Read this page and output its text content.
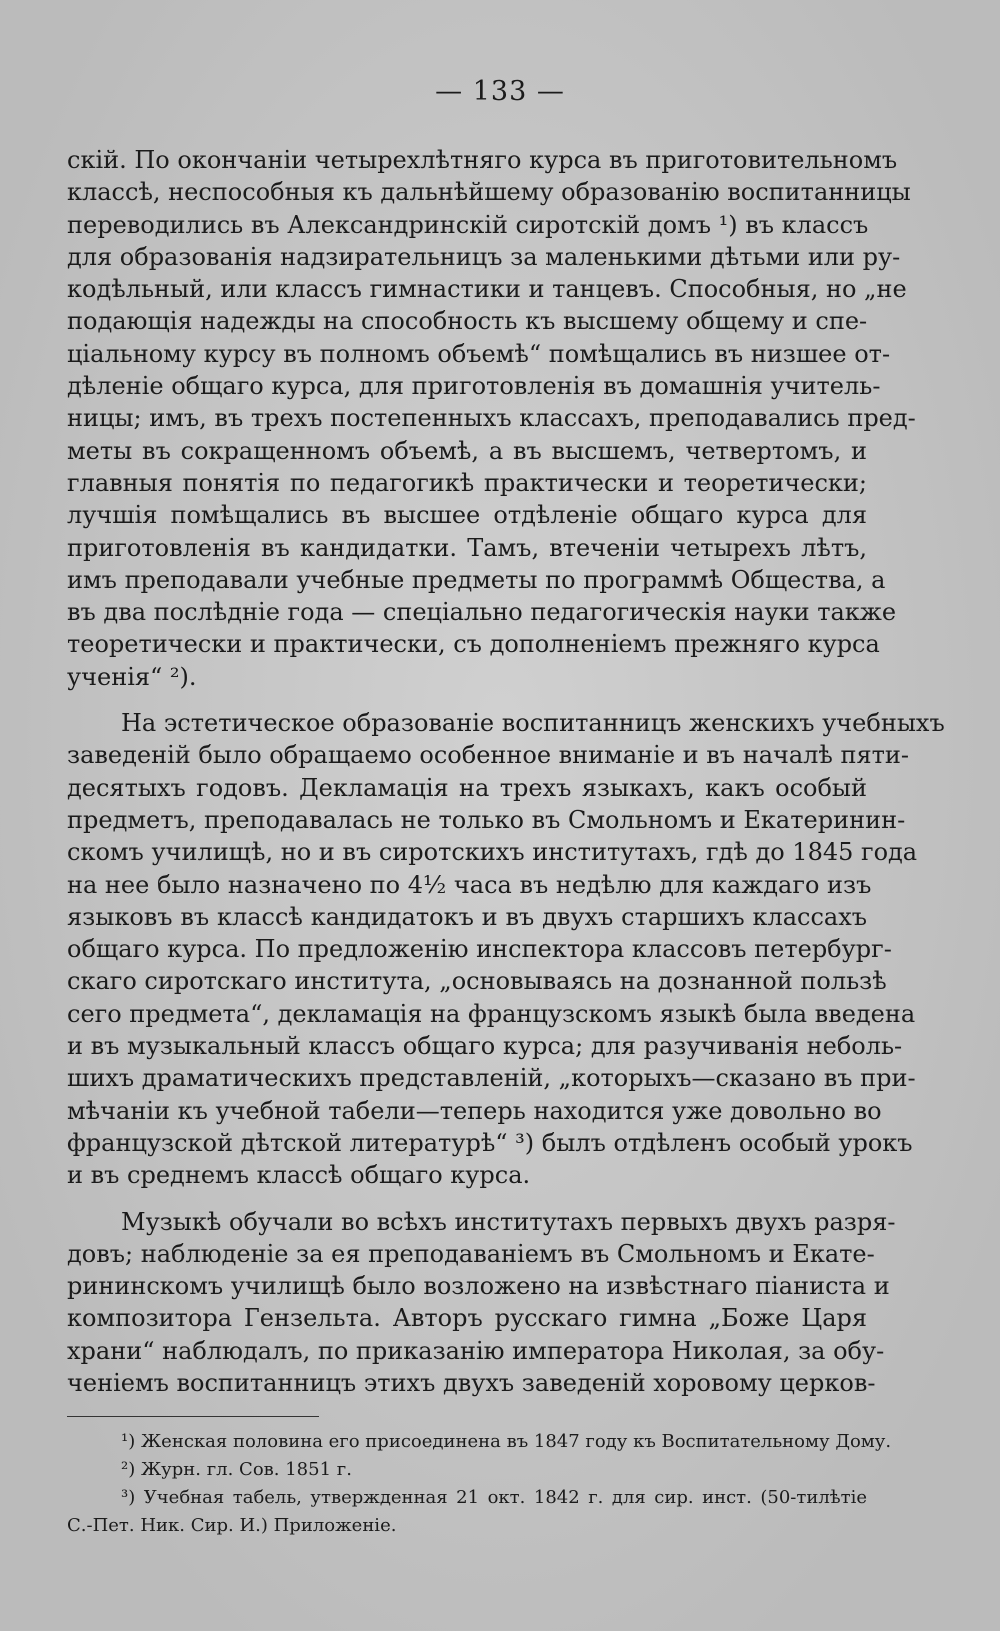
— 133 —
скій. По окончаніи четырехлѣтняго курса въ приготовительномъ
классѣ, неспособныя къ дальнѣйшему образованію воспитанницы
переводились въ Александринскій сиротскій домъ ¹) въ классъ
для образованія надзирательницъ за маленькими дѣтьми или ру-
кодѣльный, или классъ гимнастики и танцевъ. Способныя, но „не
подающія надежды на способность къ высшему общему и спе-
ціальному курсу въ полномъ объемѣ“ помѣщались въ низшее от-
дѣленіе общаго курса, для приготовленія въ домашнія учитель-
ницы; имъ, въ трехъ постепенныхъ классахъ, преподавались пред-
меты въ сокращенномъ объемѣ, а въ высшемъ, четвертомъ, и
главныя понятія по педагогикѣ практически и теоретически;
лучшія помѣщались въ высшее отдѣленіе общаго курса для
приготовленія въ кандидатки. Тамъ, втеченіи четырехъ лѣтъ,
имъ преподавали учебные предметы по программѣ Общества, а
въ два послѣдніе года — спеціально педагогическія науки также
теоретически и практически, съ дополненіемъ прежняго курса
ученія“ ²).
На эстетическое образованіе воспитанницъ женскихъ учебныхъ
заведеній было обращаемо особенное вниманіе и въ началѣ пяти-
десятыхъ годовъ. Декламація на трехъ языкахъ, какъ особый
предметъ, преподавалась не только въ Смольномъ и Екатеринин-
скомъ училищѣ, но и въ сиротскихъ институтахъ, гдѣ до 1845 года
на нее было назначено по 4½ часа въ недѣлю для каждаго изъ
языковъ въ классѣ кандидатокъ и въ двухъ старшихъ классахъ
общаго курса. По предложенію инспектора классовъ петербург-
скаго сиротскаго института, „основываясь на дознанной пользѣ
сего предмета“, декламація на французскомъ языкѣ была введена
и въ музыкальный классъ общаго курса; для разучиванія неболь-
шихъ драматическихъ представленій, „которыхъ—сказано въ при-
мѣчаніи къ учебной табели—теперь находится уже довольно во
французской дѣтской литературѣ“ ³) былъ отдѣленъ особый урокъ
и въ среднемъ классѣ общаго курса.
Музыкѣ обучали во всѣхъ институтахъ первыхъ двухъ разря-
довъ; наблюденіе за ея преподаваніемъ въ Смольномъ и Екате-
рининскомъ училищѣ было возложено на извѣстнаго піаниста и
композитора Гензельта. Авторъ русскаго гимна „Боже Царя
храни“ наблюдалъ, по приказанію императора Николая, за обу-
ченіемъ воспитанницъ этихъ двухъ заведеній хоровому церков-
¹) Женская половина его присоединена въ 1847 году къ Воспитательному Дому.
²) Журн. гл. Сов. 1851 г.
³) Учебная табель, утвержденная 21 окт. 1842 г. для сир. инст. (50-тилѣтіе
С.-Пет. Ник. Сир. И.) Приложеніе.
